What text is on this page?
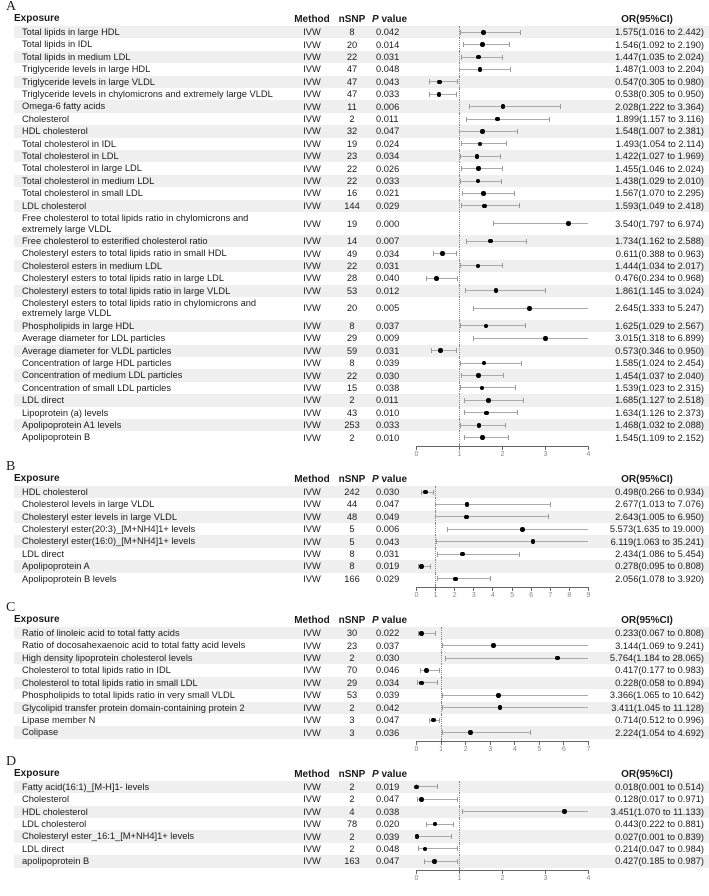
A
Exposure	Method nSNP P value	OR(95%CI)
Total lipids in large HDL	IVW	8	0.042	1.575(1.016 to 2.442)
Total lipids in IDL	IVW	20	0.014	1.546(1.092 to 2.190)
Total lipids in medium LDL	IVW	22	0.031	1.447(1.035 to 2.024)
Triglyceride levels in large HDL	IVW	47	0.048	1.487(1.003 to 2.204)
Triglyceride levels in large VLDL	IVW	47	0.043	0.547(0.305 to 0.980)
Triglyceride levels in chylomicrons and extremely large VLDL	IVW	47	0.033	0.538(0.305 to 0.950)
Omega-6 fatty acids	IVW	11	0.006	2.028(1.222 to 3.364)
Cholesterol	IVW	2	0.011	1.899(1.157 to 3.116)
HDL cholesterol	IVW	32	0.047	1.548(1.007 to 2.381)
Total cholesterol in IDL	IVW	19	0.024	1.493(1.054 to 2.114)
Total cholesterol in LDL	IVW	23	0.034	1.422(1.027 to 1.969)
Total cholesterol in large LDL	IVW	22	0.026	1.455(1.046 to 2.024)
Total cholesterol in medium LDL	IVW	22	0.033	1.438(1.029 to 2.010)
Total cholesterol in small LDL	IVW	16	0.021	1.567(1.070 to 2.295)
LDL cholesterol	IVW	144	0.029	1.593(1.049 to 2.418)
Free cholesterol to total lipids ratio in chylomicrons and extremely large VLDL	IVW	19	0.000	3.540(1.797 to 6.974)
Free cholesterol to esterified cholesterol ratio	IVW	14	0.007	1.734(1.162 to 2.588)
Cholesteryl esters to total lipids ratio in small HDL	IVW	49	0.034	0.611(0.388 to 0.963)
Cholesterol esters in medium LDL	IVW	22	0.031	1.444(1.034 to 2.017)
Cholesteryl esters to total lipids ratio in large LDL	IVW	28	0.040	0.476(0.234 to 0.968)
Cholesteryl esters to total lipids ratio in large VLDL	IVW	53	0.012	1.861(1.145 to 3.024)
Cholesteryl esters to total lipids ratio in chylomicrons and extremely large VLDL	IVW	20	0.005	2.645(1.333 to 5.247)
Phospholipids in large HDL	IVW	8	0.037	1.625(1.029 to 2.567)
Average diameter for LDL particles	IVW	29	0.009	3.015(1.318 to 6.899)
Average diameter for VLDL particles	IVW	59	0.031	0.573(0.346 to 0.950)
Concentration of large HDL particles	IVW	8	0.039	1.585(1.024 to 2.454)
Concentration of medium LDL particles	IVW	22	0.030	1.454(1.037 to 2.040)
Concentration of small LDL particles	IVW	15	0.038	1.539(1.023 to 2.315)
LDL direct	IVW	2	0.011	1.685(1.127 to 2.518)
Lipoprotein (a) levels	IVW	43	0.010	1.634(1.126 to 2.373)
Apolipoprotein A1 levels	IVW	253	0.033	1.468(1.032 to 2.088)
Apolipoprotein B	IVW	2	0.010	1.545(1.109 to 2.152)
0	1	2	3	4
B
Exposure	Method nSNP P value	OR(95%CI)
HDL cholesterol	IVW	242	0.030	0.498(0.266 to 0.934)
Cholesterol levels in large VLDL	IVW	44	0.047	2.677(1.013 to 7.076)
Cholesteryl ester levels in large VLDL	IVW	48	0.049	2.643(1.005 to 6.950)
Cholesteryl ester(20:3)_[M+NH4]1+ levels	IVW	5	0.006	5.573(1.635 to 19.000)
Cholesteryl ester(16:0)_[M+NH4]1+ levels	IVW	5	0.043	6.119(1.063 to 35.241)
LDL direct	IVW	8	0.031	2.434(1.086 to 5.454)
Apolipoprotein A	IVW	8	0.019	0.278(0.095 to 0.808)
Apolipoprotein B levels	IVW	166	0.029	2.056(1.078 to 3.920)
0 1 2 3 4 5 6 7 8 9
C
Exposure	Method nSNP P value	OR(95%CI)
Ratio of linoleic acid to total fatty acids	IVW	30	0.022	0.233(0.067 to 0.808)
Ratio of docosahexaenoic acid to total fatty acid levels	IVW	23	0.037	3.144(1.069 to 9.241)
High density lipoprotein cholesterol levels	IVW	2	0.030	5.764(1.184 to 28.065)
Cholesterol to total lipids ratio in IDL	IVW	70	0.046	0.417(0.177 to 0.983)
Cholesterol to total lipids ratio in small LDL	IVW	29	0.034	0.228(0.058 to 0.894)
Phospholipids to total lipids ratio in very small VLDL	IVW	53	0.039	3.366(1.065 to 10.642)
Glycolipid transfer protein domain-containing protein 2	IVW	2	0.042	3.411(1.045 to 11.128)
Lipase member N	IVW	3	0.047	0.714(0.512 to 0.996)
Colipase	IVW	3	0.036	2.224(1.054 to 4.692)
0	1	2	3	4	5	6	7
D
Exposure	Method nSNP P value	OR(95%CI)
Fatty acid(16:1)_[M-H]1- levels	IVW	2	0.019	0.018(0.001 to 0.514)
Cholesterol	IVW	2	0.047	0.128(0.017 to 0.971)
HDL cholesterol	IVW	4	0.038	3.451(1.070 to 11.133)
LDL cholesterol	IVW	78	0.020	0.443(0.222 to 0.881)
Cholesteryl ester_16:1_[M+NH4]1+ levels	IVW	2	0.039	0.027(0.001 to 0.839)
LDL direct	IVW	2	0.048	0.214(0.047 to 0.984)
apolipoprotein B	IVW	163	0.047	0.427(0.185 to 0.987)
0	1	2	3	4
